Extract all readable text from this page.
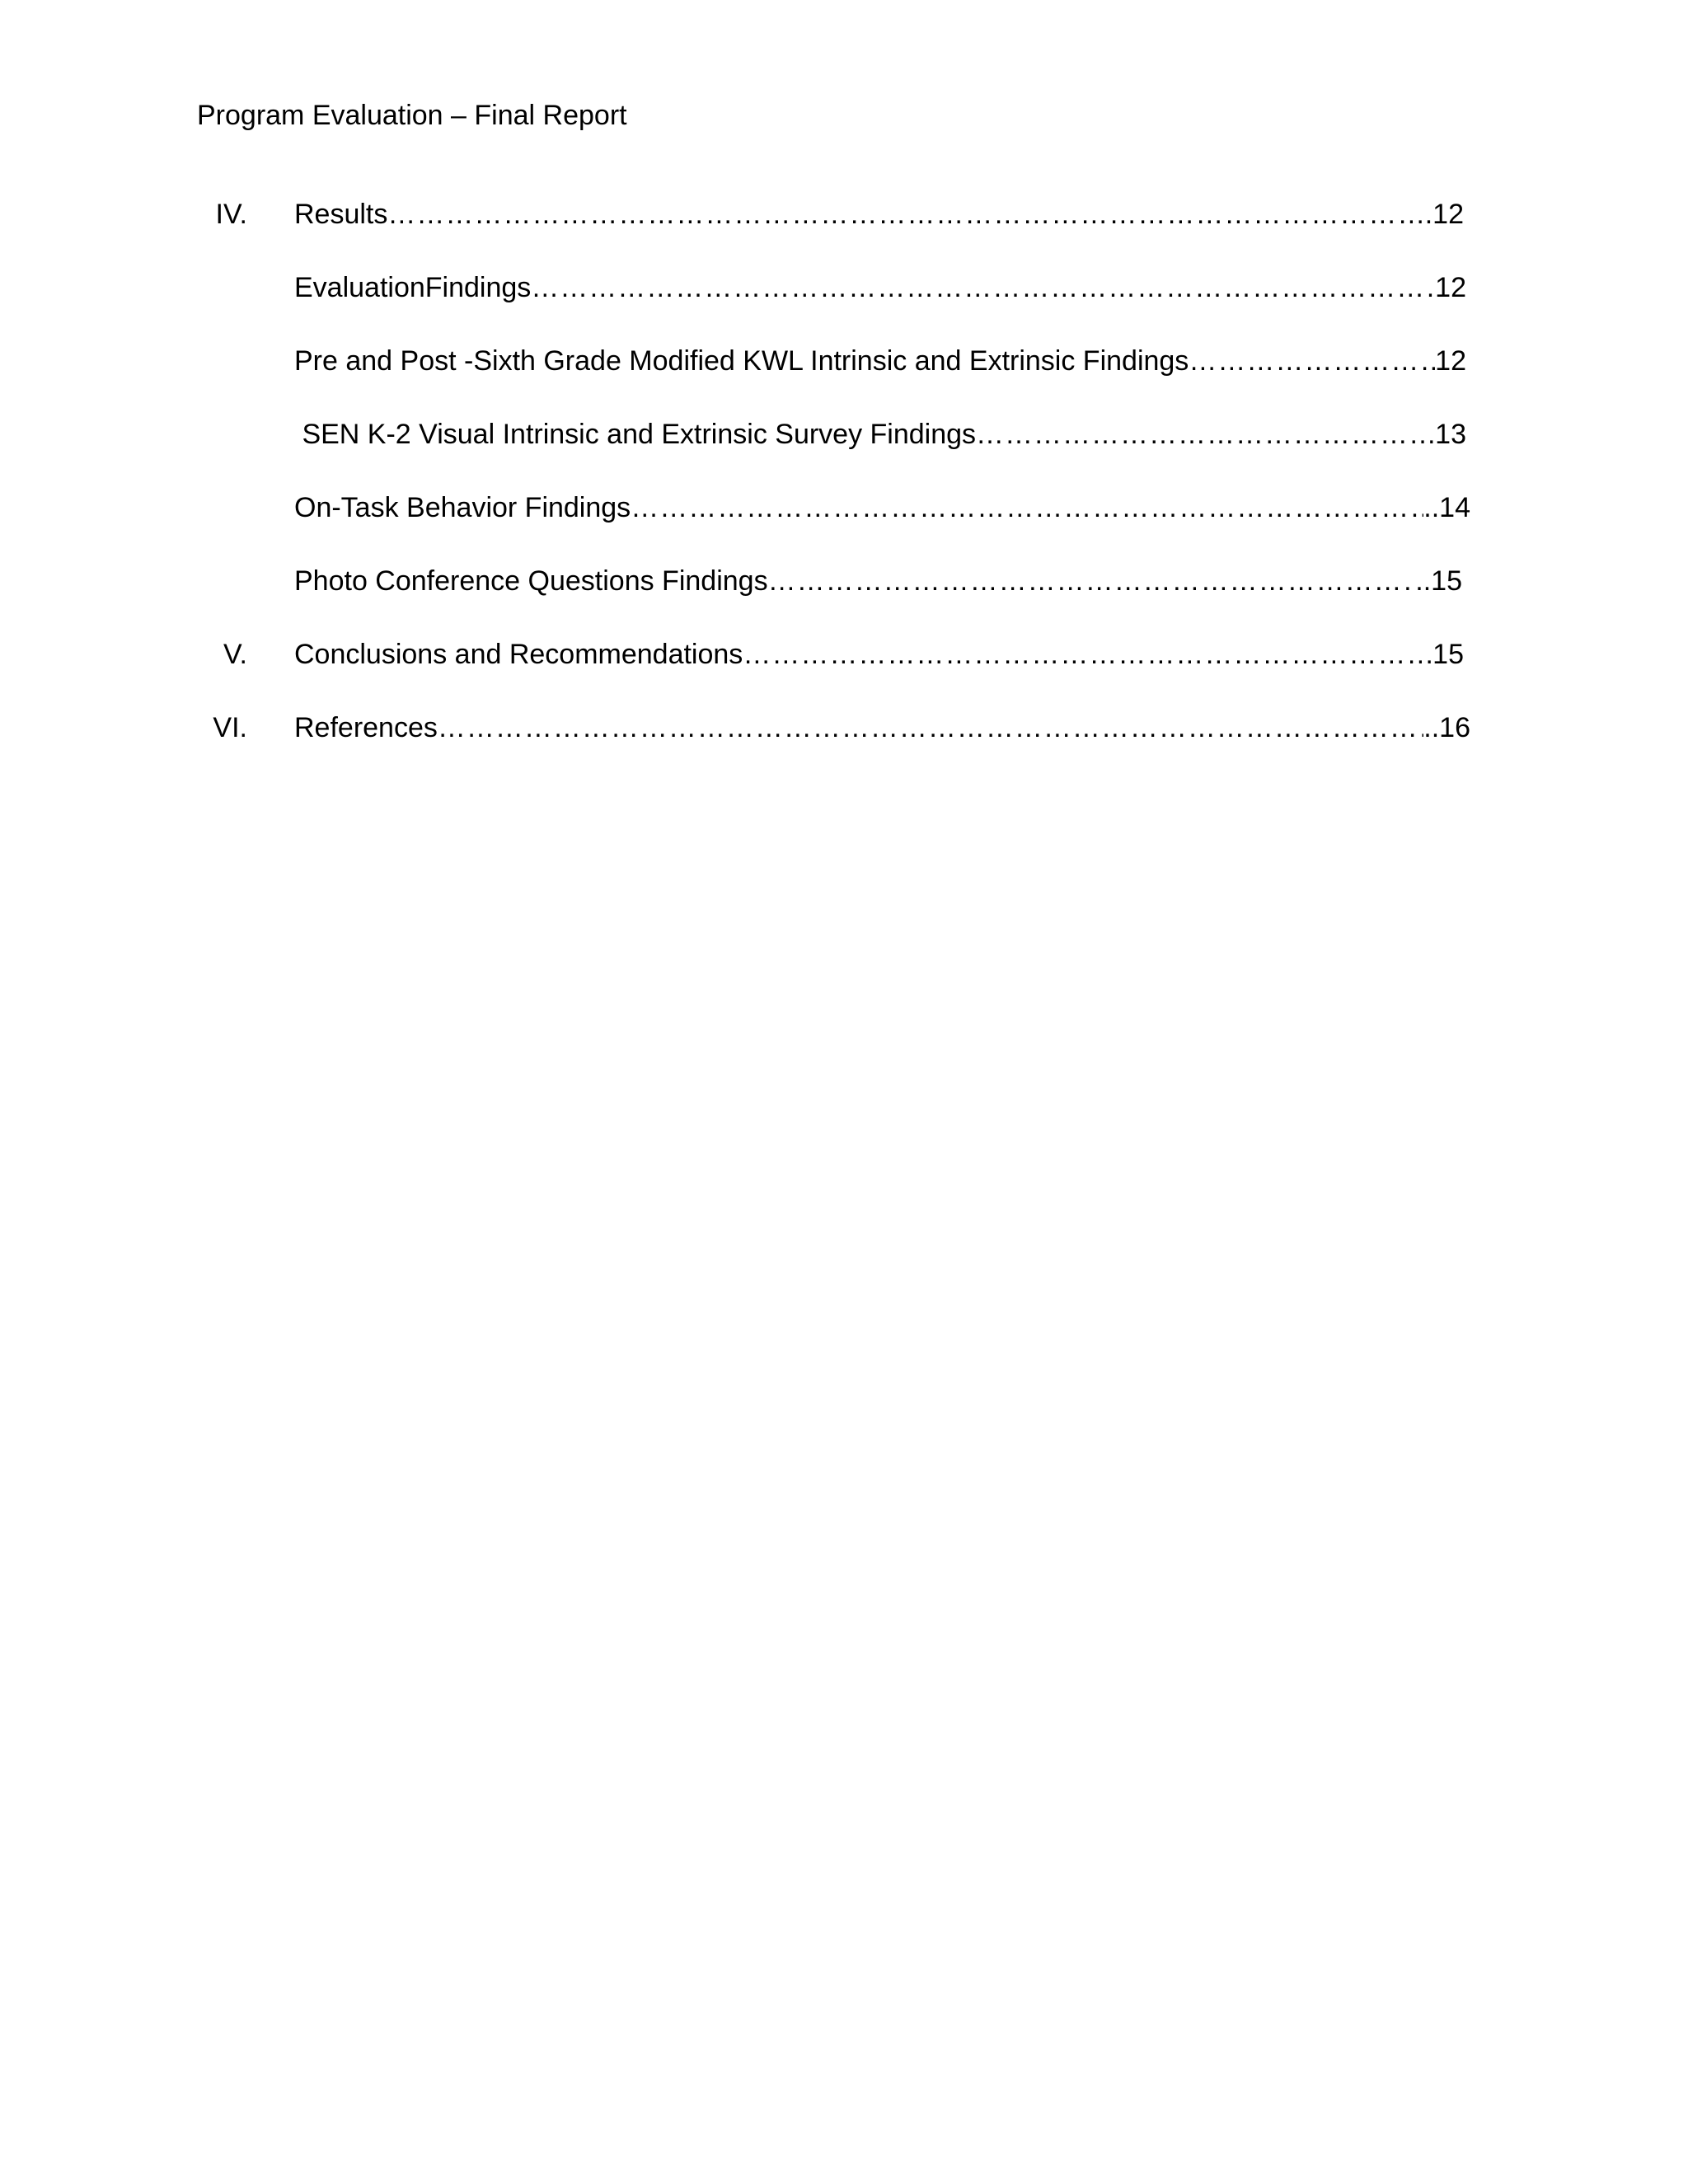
Program Evaluation – Final Report
IV. Results ……………………………………………………………………………………………………………………………………………………………………………………………………………………………………………………	.12
EvaluationFindings ……………………………………………………………………………………………………………………………………………………………………………………………………………………………………………………	12
Pre and Post -Sixth Grade Modified KWL Intrinsic and Extrinsic Findings ……………………………………………………………………………………………………………………………………………………………………………………………………………………………………………………	12
SEN K-2 Visual Intrinsic and Extrinsic Survey Findings ……………………………………………………………………………………………………………………………………………………………………………………………………………………………………………………	13
On-Task Behavior Findings ……………………………………………………………………………………………………………………………………………………………………………………………………………………………………………………	..14
Photo Conference Questions Findings ……………………………………………………………………………………………………………………………………………………………………………………………………………………………………………………	..15
V. Conclusions and Recommendations ……………………………………………………………………………………………………………………………………………………………………………………………………………………………………………………	15
VI. References ……………………………………………………………………………………………………………………………………………………………………………………………………………………………………………………	..16
